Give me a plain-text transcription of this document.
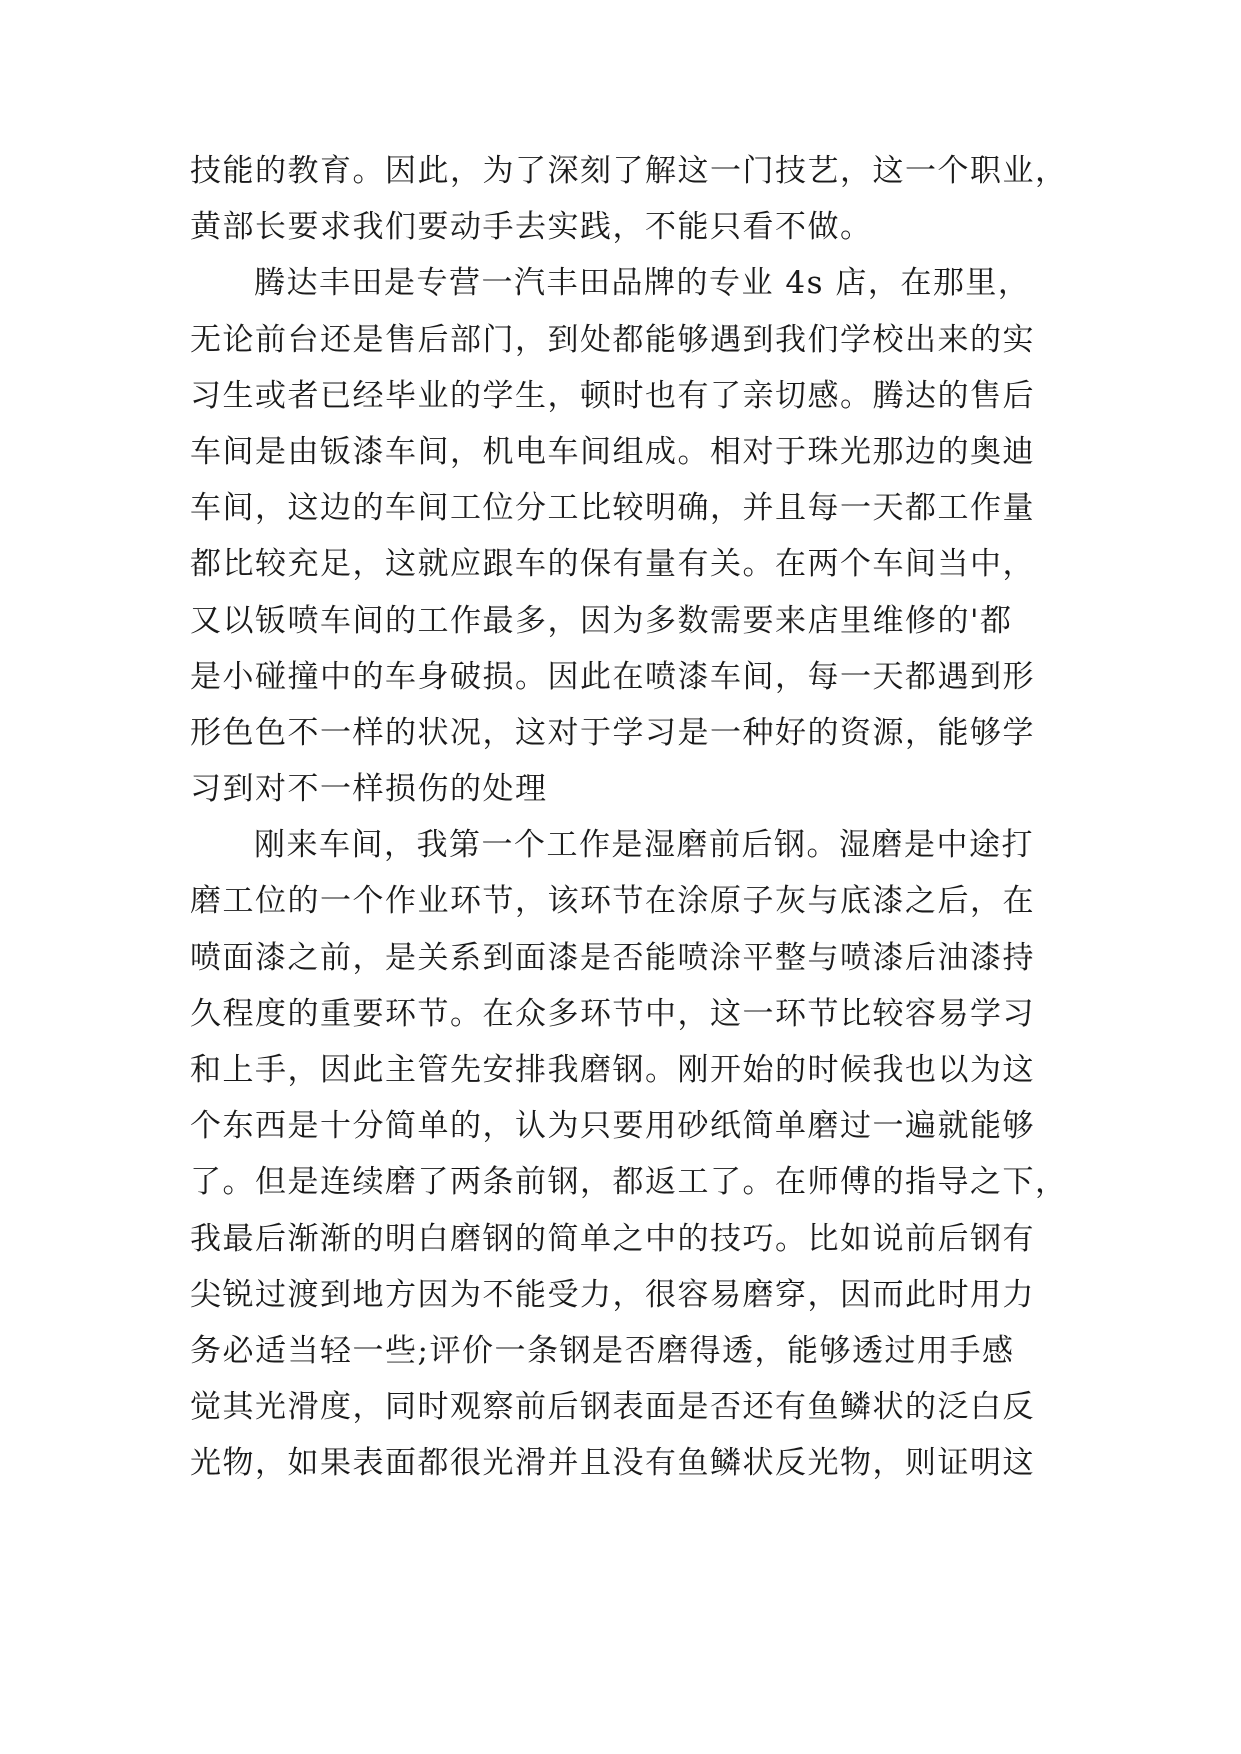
技能的教育。因此，为了深刻了解这一门技艺，这一个职业，
黄部长要求我们要动手去实践，不能只看不做。
腾达丰田是专营一汽丰田品牌的专业 4s 店，在那里，
无论前台还是售后部门，到处都能够遇到我们学校出来的实
习生或者已经毕业的学生，顿时也有了亲切感。腾达的售后
车间是由钣漆车间，机电车间组成。相对于珠光那边的奥迪
车间，这边的车间工位分工比较明确，并且每一天都工作量
都比较充足，这就应跟车的保有量有关。在两个车间当中，
又以钣喷车间的工作最多，因为多数需要来店里维修的'都
是小碰撞中的车身破损。因此在喷漆车间，每一天都遇到形
形色色不一样的状况，这对于学习是一种好的资源，能够学
习到对不一样损伤的处理
刚来车间，我第一个工作是湿磨前后钢。湿磨是中途打
磨工位的一个作业环节，该环节在涂原子灰与底漆之后，在
喷面漆之前，是关系到面漆是否能喷涂平整与喷漆后油漆持
久程度的重要环节。在众多环节中，这一环节比较容易学习
和上手，因此主管先安排我磨钢。刚开始的时候我也以为这
个东西是十分简单的，认为只要用砂纸简单磨过一遍就能够
了。但是连续磨了两条前钢，都返工了。在师傅的指导之下，
我最后渐渐的明白磨钢的简单之中的技巧。比如说前后钢有
尖锐过渡到地方因为不能受力，很容易磨穿，因而此时用力
务必适当轻一些;评价一条钢是否磨得透，能够透过用手感
觉其光滑度，同时观察前后钢表面是否还有鱼鳞状的泛白反
光物，如果表面都很光滑并且没有鱼鳞状反光物，则证明这
